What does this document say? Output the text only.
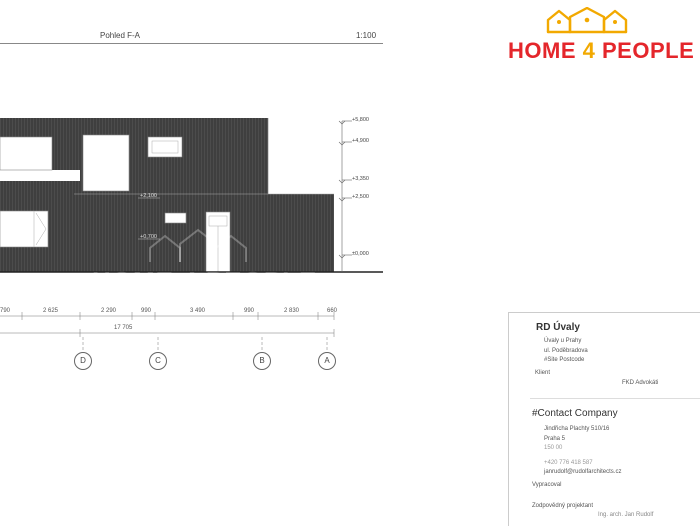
Pohled F-A	1:100
+5,800
+4,900
+3,350
+2,500
±0,000
+2,100
+0,700
HOME 4 PEOPLE
790	2 625	2 290	990	3 490	990	2 830	660
17 705
D	C	B	A
HOME 4 PEOPLE
RD Úvaly
Úvaly u Prahy
ul. Poděbradova
#Site Postcode
Klient
FKD Advokáti
#Contact Company
Jindřicha Plachty 510/16
Praha 5
150 00
+420 776 418 587
janrudolf@rudolfarchitects.cz
Vypracoval
Zodpovědný projektant
Ing. arch. Jan Rudolf
